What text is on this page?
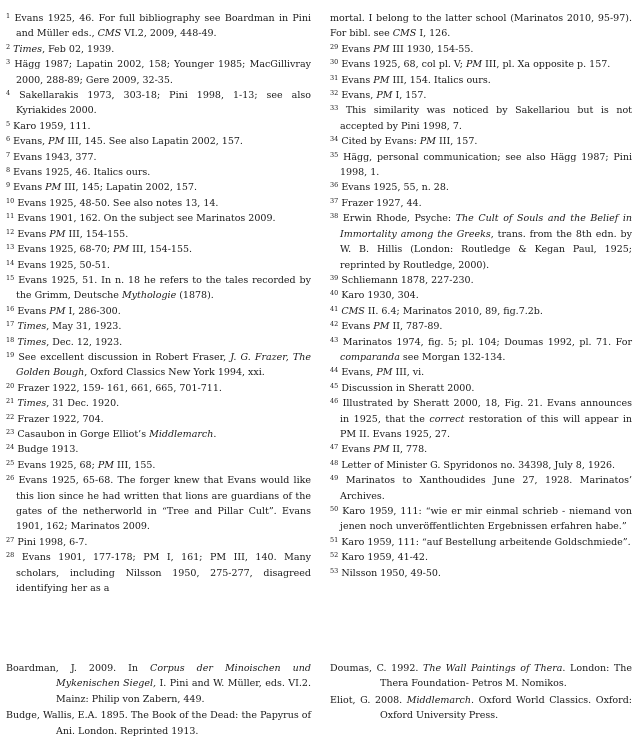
$^1$ Evans 1925, 46. For full bibliography see Boardman in Pini and Müller eds., CMS VI.2, 2009, 448-49.

$^2$ Times, Feb 02, 1939.

$^3$ Hägg 1987; Lapatin 2002, 158; Younger 1985; MacGillivray 2000, 288-89; Gere 2009, 32-35.

$^4$ Sakellarakis 1973, 303-18; Pini 1998, 1-13; see also Kyriakides 2000.

$^5$ Karo 1959, 111.

$^6$ Evans, PM III, 145. See also Lapatin 2002, 157.

$^7$ Evans 1943, 377.

$^8$ Evans 1925, 46. Italics ours.

$^9$ Evans PM III, 145; Lapatin 2002, 157.

$^{10}$ Evans 1925, 48-50. See also notes 13, 14.

$^{11}$ Evans 1901, 162. On the subject see Marinatos 2009.

$^{12}$ Evans PM III, 154-155.

$^{13}$ Evans 1925, 68-70; PM III, 154-155.

$^{14}$ Evans 1925, 50-51.

$^{15}$ Evans 1925, 51. In n. 18 he refers to the tales recorded by the Grimm, Deutsche Mythologie (1878).

$^{16}$ Evans PM I, 286-300.

$^{17}$ Times, May 31, 1923.

$^{18}$ Times, Dec. 12, 1923.

$^{19}$ See excellent discussion in Robert Fraser, J. G. Frazer, The Golden Bough, Oxford Classics New York 1994, xxi.

$^{20}$ Frazer 1922, 159- 161, 661, 665, 701-711.

$^{21}$ Times, 31 Dec. 1920.

$^{22}$ Frazer 1922, 704.

$^{23}$ Casaubon in Gorge Elliot’s Middlemarch.

$^{24}$ Budge 1913.

$^{25}$ Evans 1925, 68; PM III, 155.

$^{26}$ Evans 1925, 65-68. The forger knew that Evans would like this lion since he had written that lions are guardians of the gates of the netherworld in “Tree and Pillar Cult”. Evans 1901, 162; Marinatos 2009.

$^{27}$ Pini 1998, 6-7.

$^{28}$ Evans 1901, 177-178; PM I, 161; PM III, 140. Many scholars, including Nilsson 1950, 275-277, disagreed identifying her as a

mortal. I belong to the latter school (Marinatos 2010, 95-97). For bibl. see CMS I, 126.

$^{29}$ Evans PM III 1930, 154-55.

$^{30}$ Evans 1925, 68, col pl. V; PM III, pl. Xa opposite p. 157.

$^{31}$ Evans PM III, 154. Italics ours.

$^{32}$ Evans, PM I, 157.

$^{33}$ This similarity was noticed by Sakellariou but is not accepted by Pini 1998, 7.

$^{34}$ Cited by Evans: PM III, 157.

$^{35}$ Hägg, personal communication; see also Hägg 1987; Pini 1998, 1.

$^{36}$ Evans 1925, 55, n. 28.

$^{37}$ Frazer 1927, 44.

$^{38}$ Erwin Rhode, Psyche: The Cult of Souls and the Belief in Immortality among the Greeks, trans. from the 8th edn. by W. B. Hillis (London: Routledge & Kegan Paul, 1925; reprinted by Routledge, 2000).

$^{39}$ Schliemann 1878, 227-230.

$^{40}$ Karo 1930, 304.

$^{41}$ CMS II. 6.4; Marinatos 2010, 89, fig.7.2b.

$^{42}$ Evans PM II, 787-89.

$^{43}$ Marinatos 1974, fig. 5; pl. 104; Doumas 1992, pl. 71. For comparanda see Morgan 132-134.

$^{44}$ Evans, PM III, vi.

$^{45}$ Discussion in Sheratt 2000.

$^{46}$ Illustrated by Sheratt 2000, 18, Fig. 21. Evans announces in 1925, that the correct restoration of this will appear in PM II. Evans 1925, 27.

$^{47}$ Evans PM II, 778.

$^{48}$ Letter of Minister G. Spyridonos no. 34398, July 8, 1926.

$^{49}$ Marinatos to Xanthoudides June 27, 1928. Marinatos’ Archives.

$^{50}$ Karo 1959, 111: “wie er mir einmal schrieb - niemand von jenen noch unveröffentlichten Ergebnissen erfahren habe.”

$^{51}$ Karo 1959, 111: “auf Bestellung arbeitende Goldschmiede”.

$^{52}$ Karo 1959, 41-42.

$^{53}$ Nilsson 1950, 49-50.

Boardman, J. 2009. In Corpus der Minoischen und Mykenischen Siegel, I. Pini and W. Müller, eds. VI.2. Mainz: Philip von Zabern, 449.

Budge, Wallis, E.A. 1895. The Book of the Dead: the Papyrus of Ani. London. Reprinted 1913.

Doumas, C. 1992. The Wall Paintings of Thera. London: The Thera Foundation- Petros M. Nomikos.

Eliot, G. 2008. Middlemarch. Oxford World Classics. Oxford: Oxford University Press.
